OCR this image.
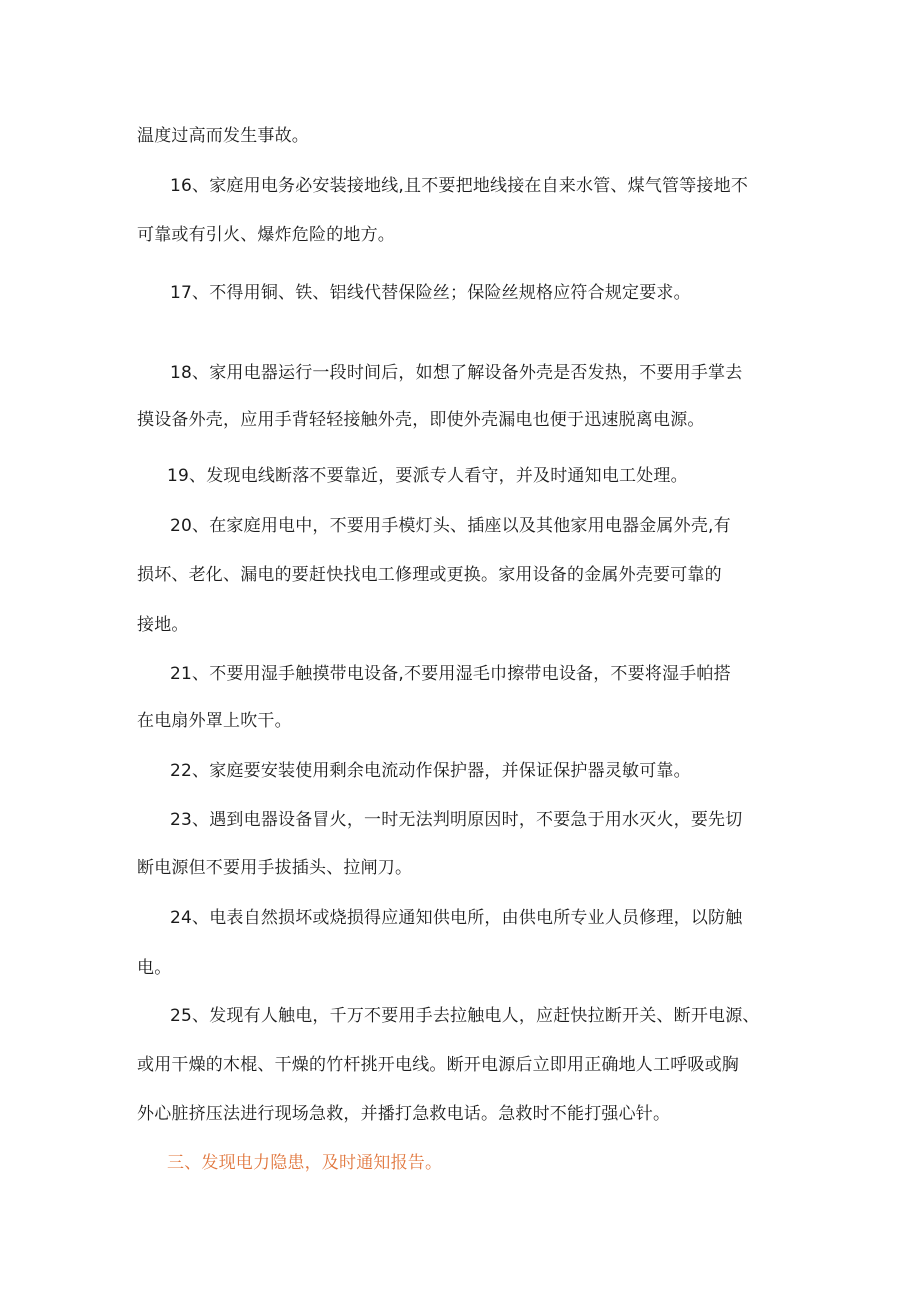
温度过高而发生事故。
16、家庭用电务必安装接地线,且不要把地线接在自来水管、煤气管等接地不
可靠或有引火、爆炸危险的地方。
17、不得用铜、铁、铝线代替保险丝；保险丝规格应符合规定要求。
18、家用电器运行一段时间后，如想了解设备外壳是否发热，不要用手掌去
摸设备外壳，应用手背轻轻接触外壳，即使外壳漏电也便于迅速脱离电源。
19、发现电线断落不要靠近，要派专人看守，并及时通知电工处理。
20、在家庭用电中，不要用手模灯头、插座以及其他家用电器金属外壳,有
损坏、老化、漏电的要赶快找电工修理或更换。家用设备的金属外壳要可靠的
接地。
21、不要用湿手触摸带电设备,不要用湿毛巾擦带电设备，不要将湿手帕搭
在电扇外罩上吹干。
22、家庭要安装使用剩余电流动作保护器，并保证保护器灵敏可靠。
23、遇到电器设备冒火，一时无法判明原因时，不要急于用水灭火，要先切
断电源但不要用手拔插头、拉闸刀。
24、电表自然损坏或烧损得应通知供电所，由供电所专业人员修理，以防触
电。
25、发现有人触电，千万不要用手去拉触电人，应赶快拉断开关、断开电源、
或用干燥的木棍、干燥的竹杆挑开电线。断开电源后立即用正确地人工呼吸或胸
外心脏挤压法进行现场急救，并播打急救电话。急救时不能打强心针。
三、发现电力隐患，及时通知报告。
